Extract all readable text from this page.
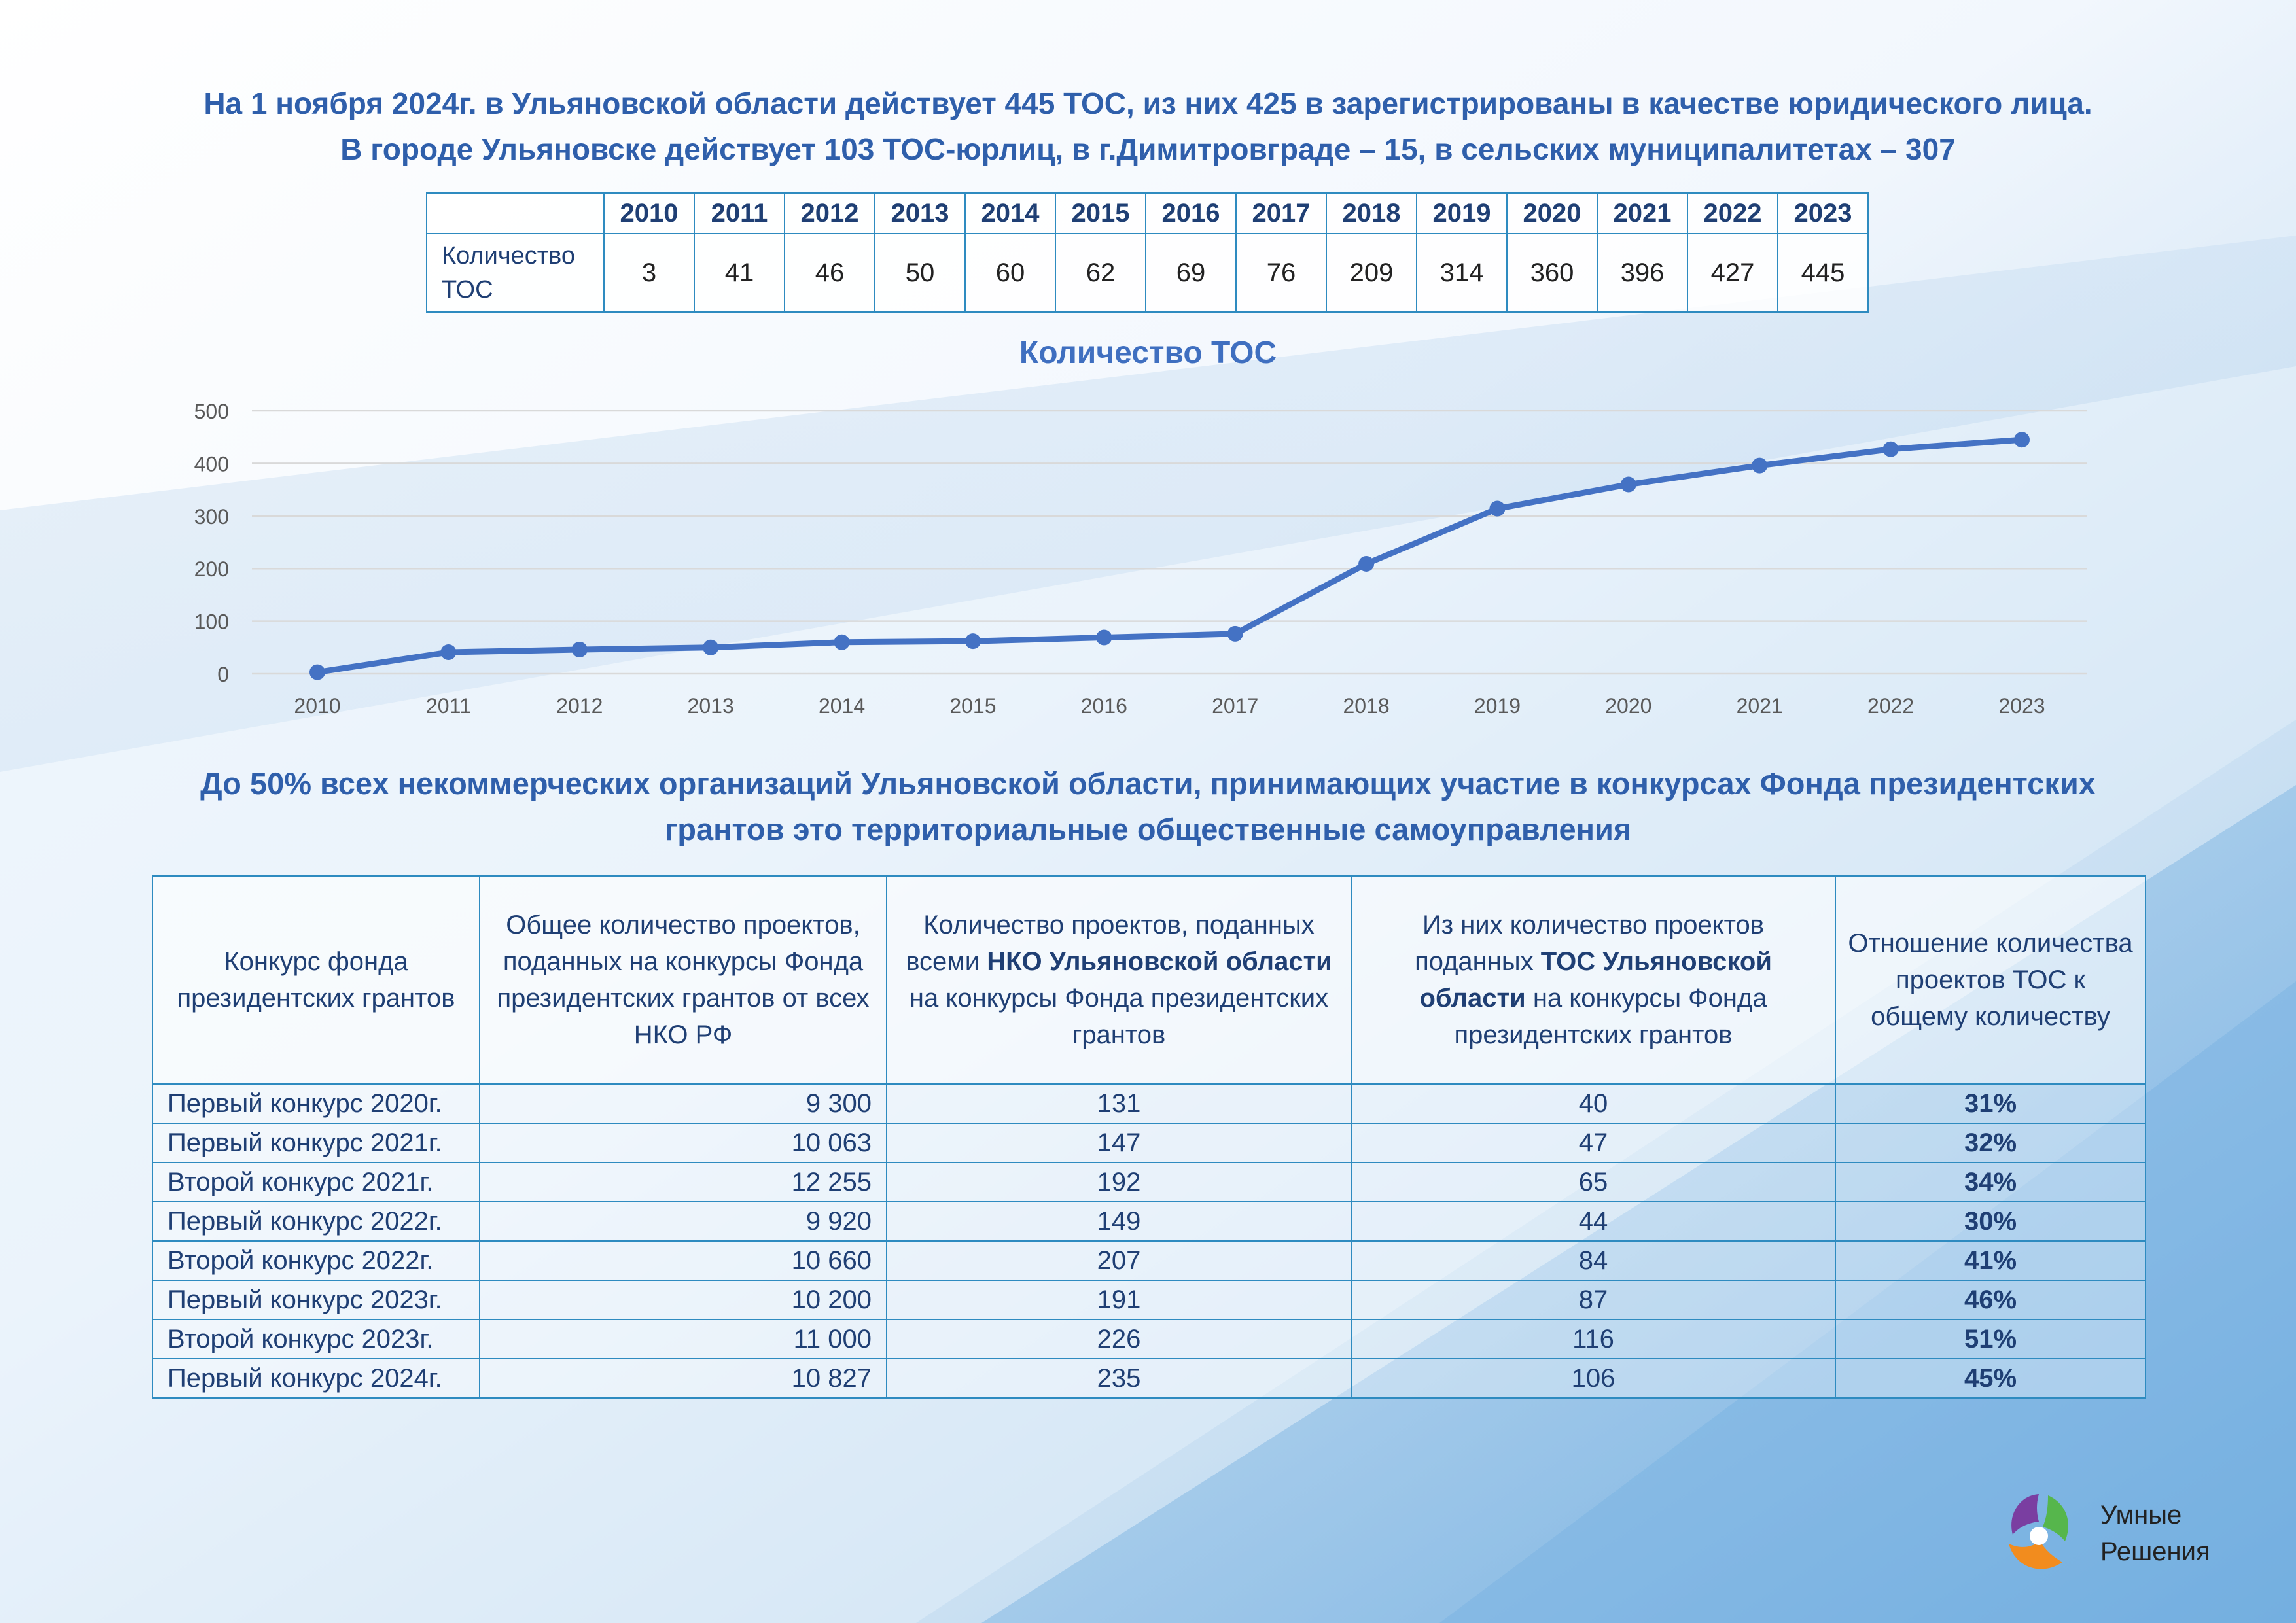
На 1 ноября 2024г. в Ульяновской области действует 445 ТОС, из них 425 в зарегистрированы в качестве юридического лица.
В городе Ульяновске действует 103 ТОС-юрлиц, в г.Димитровграде – 15, в сельских муниципалитетах – 307
	2010	2011	2012	2013	2014	2015	2016	2017	2018	2019	2020	2021	2022	2023
Количество ТОС	3	41	46	50	60	62	69	76	209	314	360	396	427	445
Количество ТОС
0
100
200
300
400
500
2010	2011	2012	2013	2014	2015	2016	2017	2018	2019	2020	2021	2022	2023
До 50% всех некоммерческих организаций Ульяновской области, принимающих участие в конкурсах Фонда президентских
грантов это территориальные общественные самоуправления
Конкурс фонда президентских грантов	Общее количество проектов, поданных на конкурсы Фонда президентских грантов от всех НКО РФ	Количество проектов, поданных всеми НКО Ульяновской области на конкурсы Фонда президентских грантов	Из них количество проектов поданных ТОС Ульяновской области на конкурсы Фонда президентских грантов	Отношение количества проектов ТОС к общему количеству
Первый конкурс 2020г.	9 300	131	40	31%
Первый конкурс 2021г.	10 063	147	47	32%
Второй конкурс 2021г.	12 255	192	65	34%
Первый конкурс 2022г.	9 920	149	44	30%
Второй конкурс 2022г.	10 660	207	84	41%
Первый конкурс 2023г.	10 200	191	87	46%
Второй конкурс 2023г.	11 000	226	116	51%
Первый конкурс 2024г.	10 827	235	106	45%
Умные
Решения
